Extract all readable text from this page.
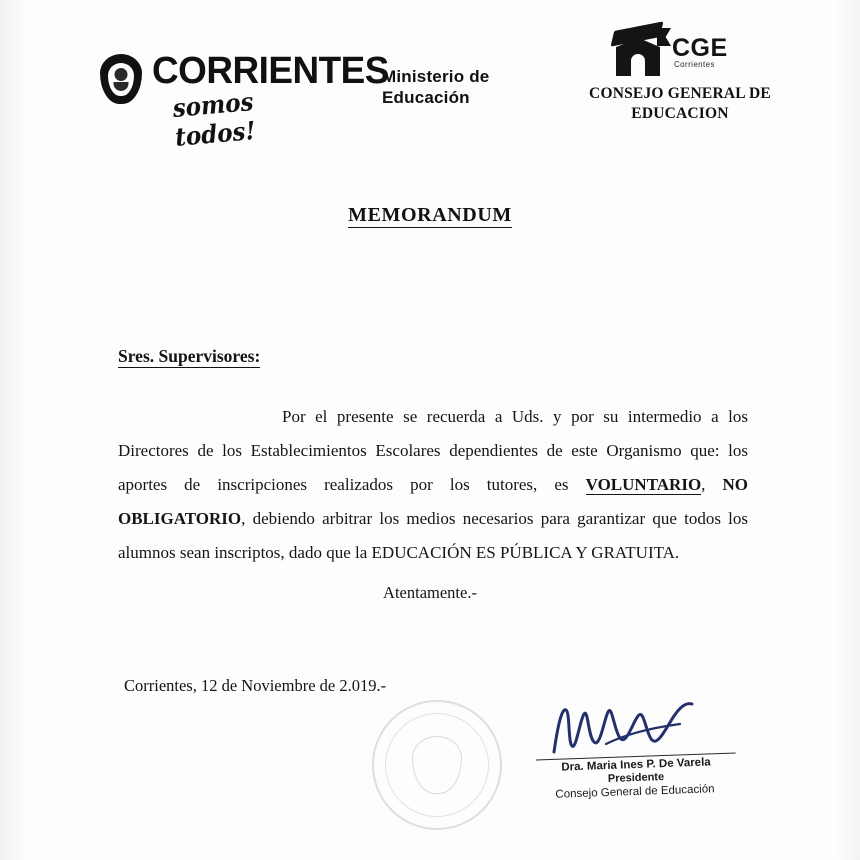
CORRIENTES
somos todos!
Ministerio de
Educación
CGE
Corrientes
CONSEJO GENERAL DE
EDUCACION
MEMORANDUM
Sres. Supervisores:
Por el presente se recuerda a Uds. y por su intermedio a los Directores de los Establecimientos Escolares dependientes de este Organismo que: los aportes de inscripciones realizados por los tutores, es VOLUNTARIO, NO OBLIGATORIO, debiendo arbitrar los medios necesarios para garantizar que todos los alumnos sean inscriptos, dado que la EDUCACIÓN ES PÚBLICA Y GRATUITA.
Atentamente.-
Corrientes, 12 de Noviembre de 2.019.-
Dra. Maria Ines P. De Varela
Presidente
Consejo General de Educación
